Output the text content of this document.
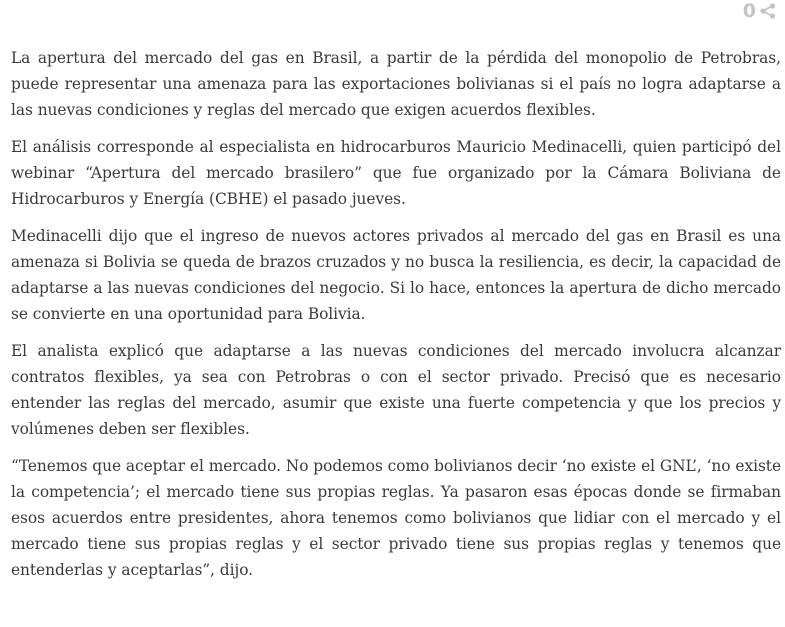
0

La apertura del mercado del gas en Brasil, a partir de la pérdida del monopolio de Petrobras, puede representar una amenaza para las exportaciones bolivianas si el país no logra adaptarse a las nuevas condiciones y reglas del mercado que exigen acuerdos flexibles.

El análisis corresponde al especialista en hidrocarburos Mauricio Medinacelli, quien participó del webinar “Apertura del mercado brasilero” que fue organizado por la Cámara Boliviana de Hidrocarburos y Energía (CBHE) el pasado jueves.

Medinacelli dijo que el ingreso de nuevos actores privados al mercado del gas en Brasil es una amenaza si Bolivia se queda de brazos cruzados y no busca la resiliencia, es decir, la capacidad de adaptarse a las nuevas condiciones del negocio. Si lo hace, entonces la apertura de dicho mercado se convierte en una oportunidad para Bolivia.

El analista explicó que adaptarse a las nuevas condiciones del mercado involucra alcanzar contratos flexibles, ya sea con Petrobras o con el sector privado. Precisó que es necesario entender las reglas del mercado, asumir que existe una fuerte competencia y que los precios y volúmenes deben ser flexibles.

“Tenemos que aceptar el mercado. No podemos como bolivianos decir ‘no existe el GNL’, ‘no existe la competencia’; el mercado tiene sus propias reglas. Ya pasaron esas épocas donde se firmaban esos acuerdos entre presidentes, ahora tenemos como bolivianos que lidiar con el mercado y el mercado tiene sus propias reglas y el sector privado tiene sus propias reglas y tenemos que entenderlas y aceptarlas”, dijo.
